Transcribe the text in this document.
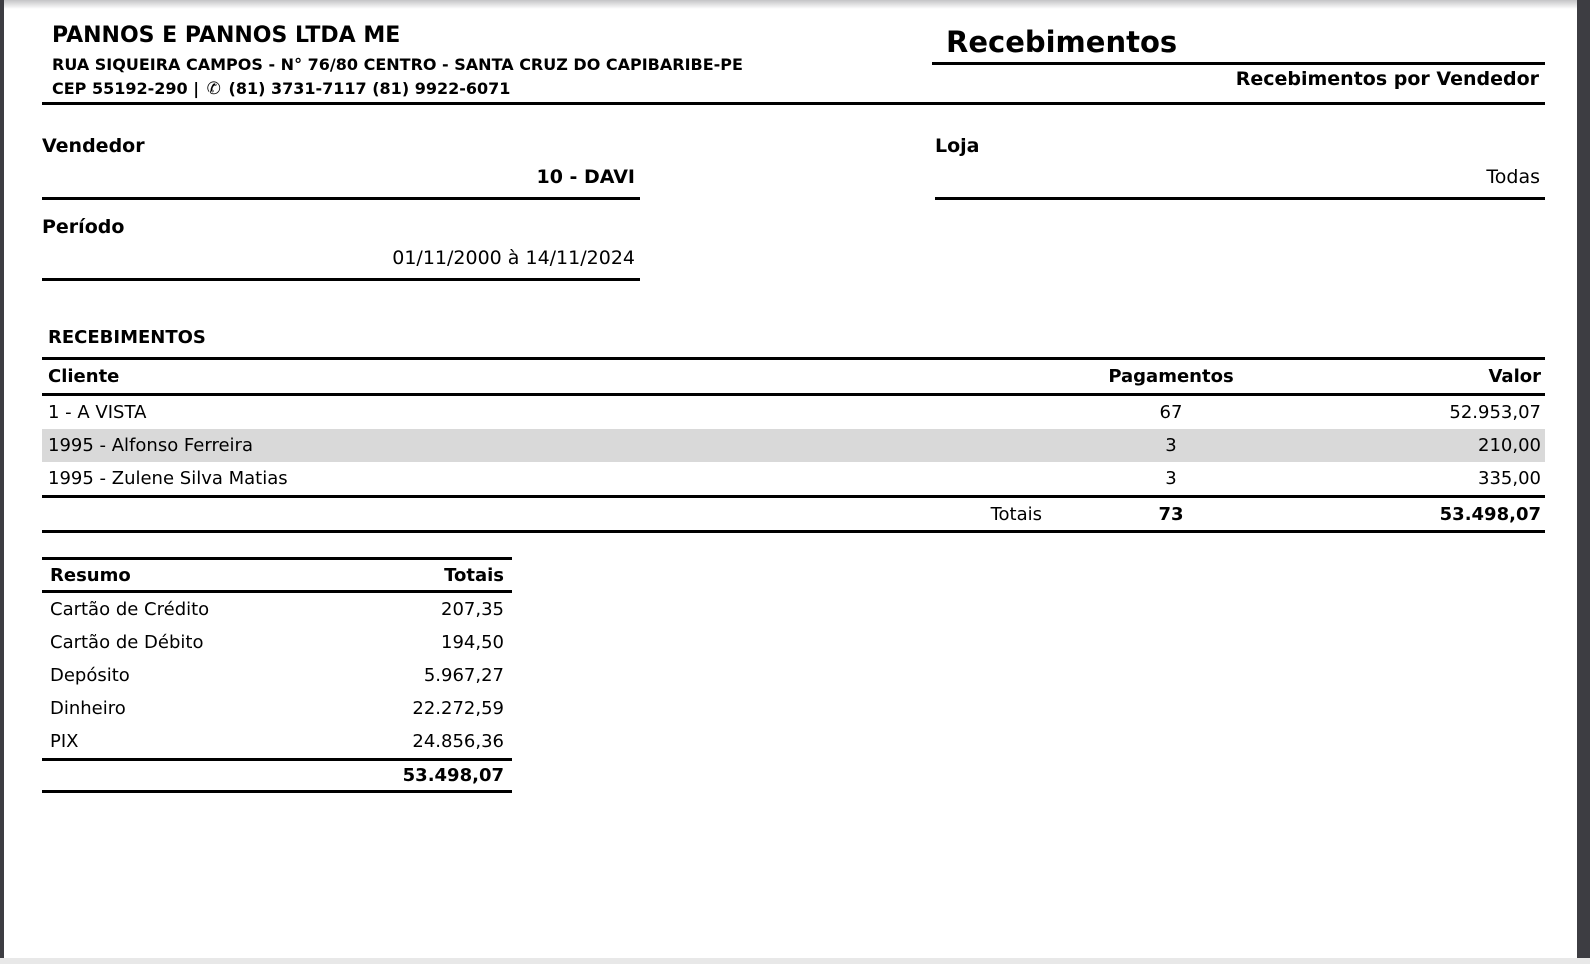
PANNOS E PANNOS LTDA ME
RUA SIQUEIRA CAMPOS - N° 76/80 CENTRO - SANTA CRUZ DO CAPIBARIBE-PE
CEP 55192-290 | ✆ (81) 3731-7117 (81) 9922-6071
Recebimentos
Recebimentos por Vendedor
Vendedor
10 - DAVI
Loja
Todas
Período
01/11/2000 à 14/11/2024
RECEBIMENTOS
Cliente	Pagamentos	Valor
1 - A VISTA	67	52.953,07
1995 - Alfonso Ferreira	3	210,00
1995 - Zulene Silva Matias	3	335,00
Totais	73	53.498,07
Resumo	Totais
Cartão de Crédito	207,35
Cartão de Débito	194,50
Depósito	5.967,27
Dinheiro	22.272,59
PIX	24.856,36
53.498,07
